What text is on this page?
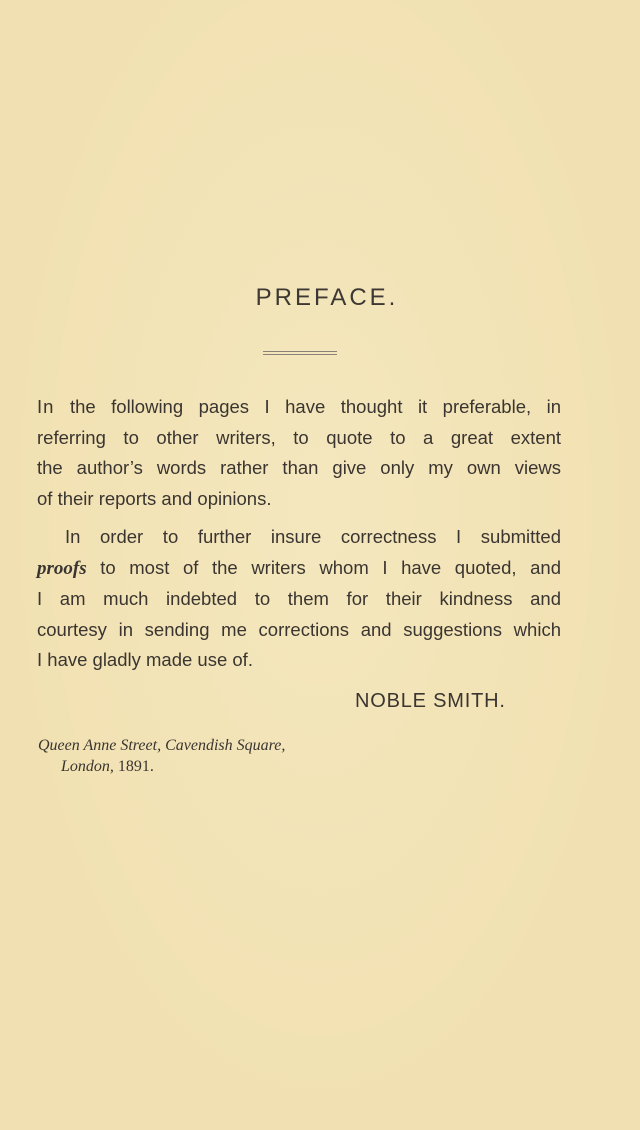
PREFACE.
In the following pages I have thought it preferable, in
referring to other writers, to quote to a great extent
the author’s words rather than give only my own views
of their reports and opinions.
In order to further insure correctness I submitted
proofs to most of the writers whom I have quoted, and
I am much indebted to them for their kindness and
courtesy in sending me corrections and suggestions which
I have gladly made use of.
NOBLE SMITH.
Queen Anne Street, Cavendish Square,
London, 1891.
